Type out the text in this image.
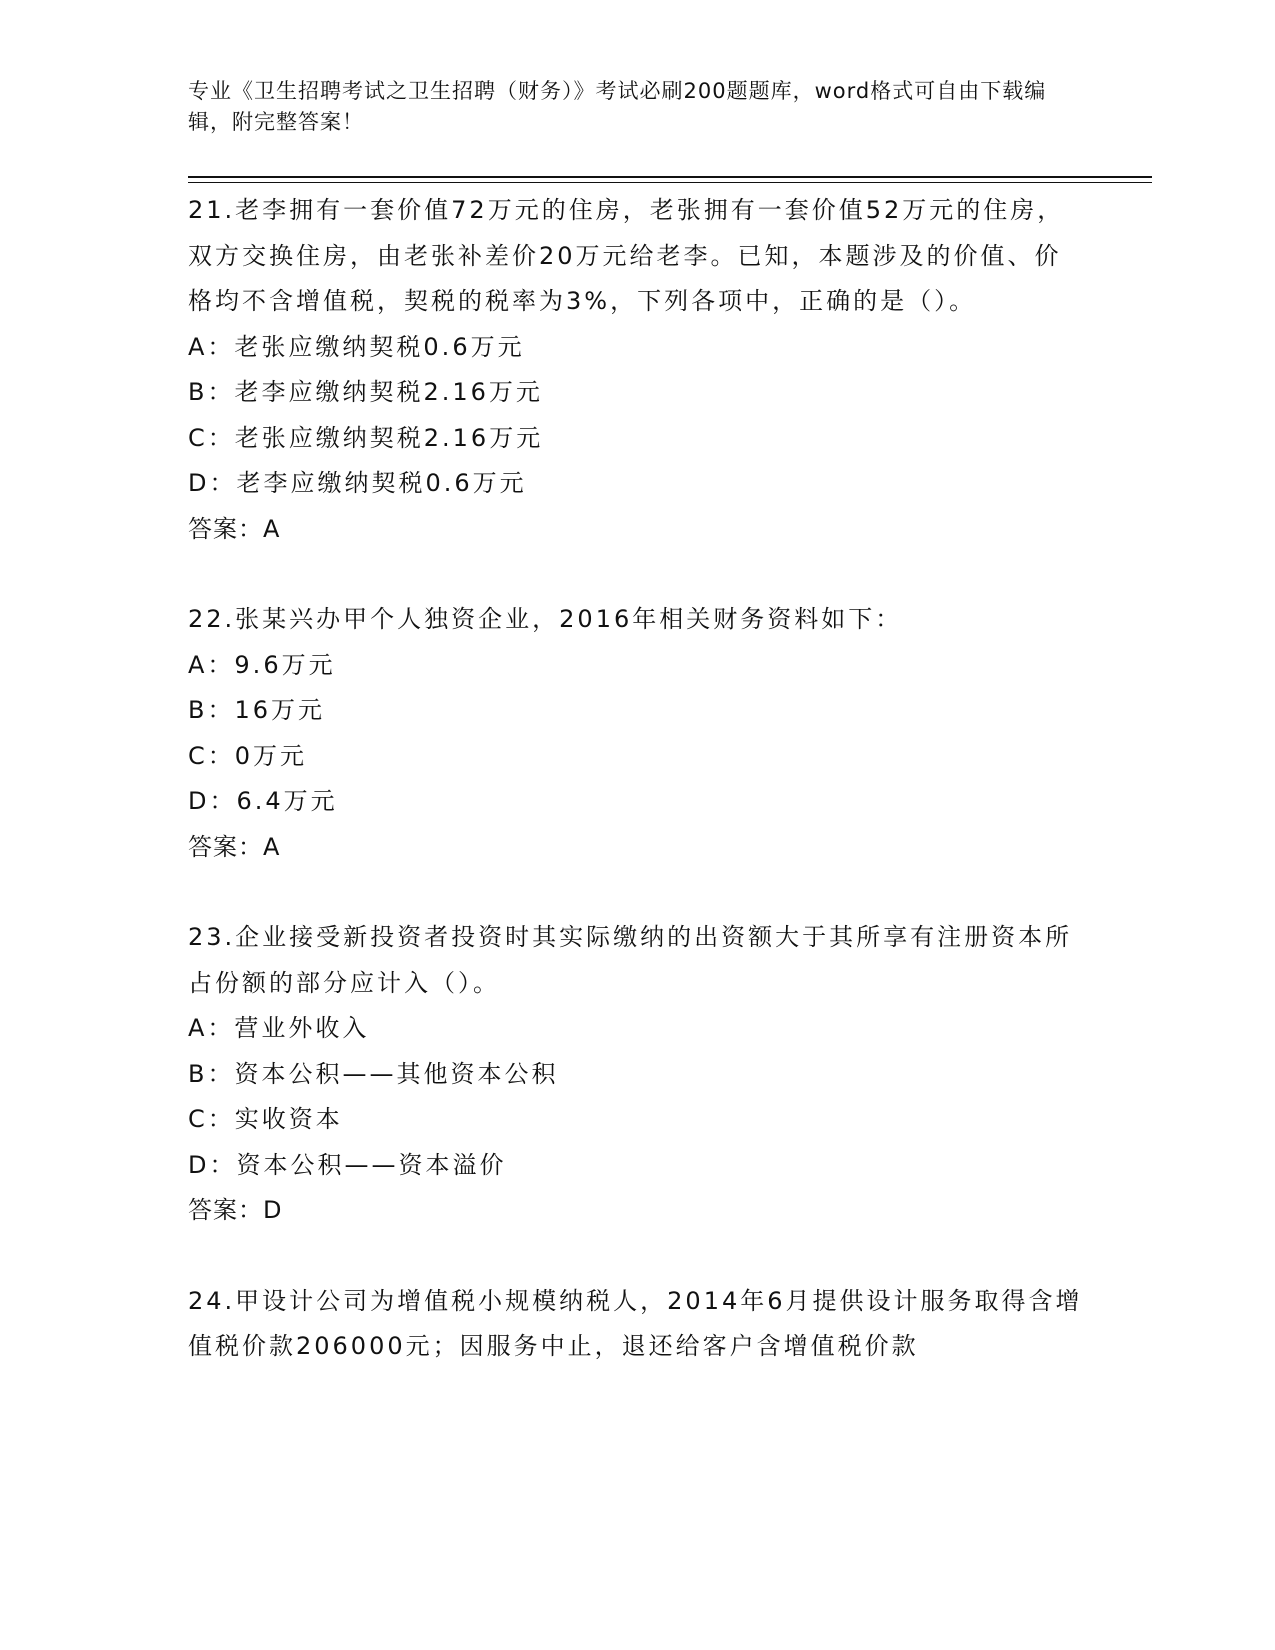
专业《卫生招聘考试之卫生招聘（财务）》考试必刷200题题库，word格式可自由下载编辑，附完整答案！
21.老李拥有一套价值72万元的住房，老张拥有一套价值52万元的住房，双方交换住房，由老张补差价20万元给老李。已知，本题涉及的价值、价格均不含增值税，契税的税率为3%，下列各项中，正确的是（）。
A：老张应缴纳契税0.6万元
B：老李应缴纳契税2.16万元
C：老张应缴纳契税2.16万元
D：老李应缴纳契税0.6万元
答案：A
22.张某兴办甲个人独资企业，2016年相关财务资料如下：
A：9.6万元
B：16万元
C：0万元
D：6.4万元
答案：A
23.企业接受新投资者投资时其实际缴纳的出资额大于其所享有注册资本所占份额的部分应计入（）。
A：营业外收入
B：资本公积——其他资本公积
C：实收资本
D：资本公积——资本溢价
答案：D
24.甲设计公司为增值税小规模纳税人，2014年6月提供设计服务取得含增值税价款206000元；因服务中止，退还给客户含增值税价款
